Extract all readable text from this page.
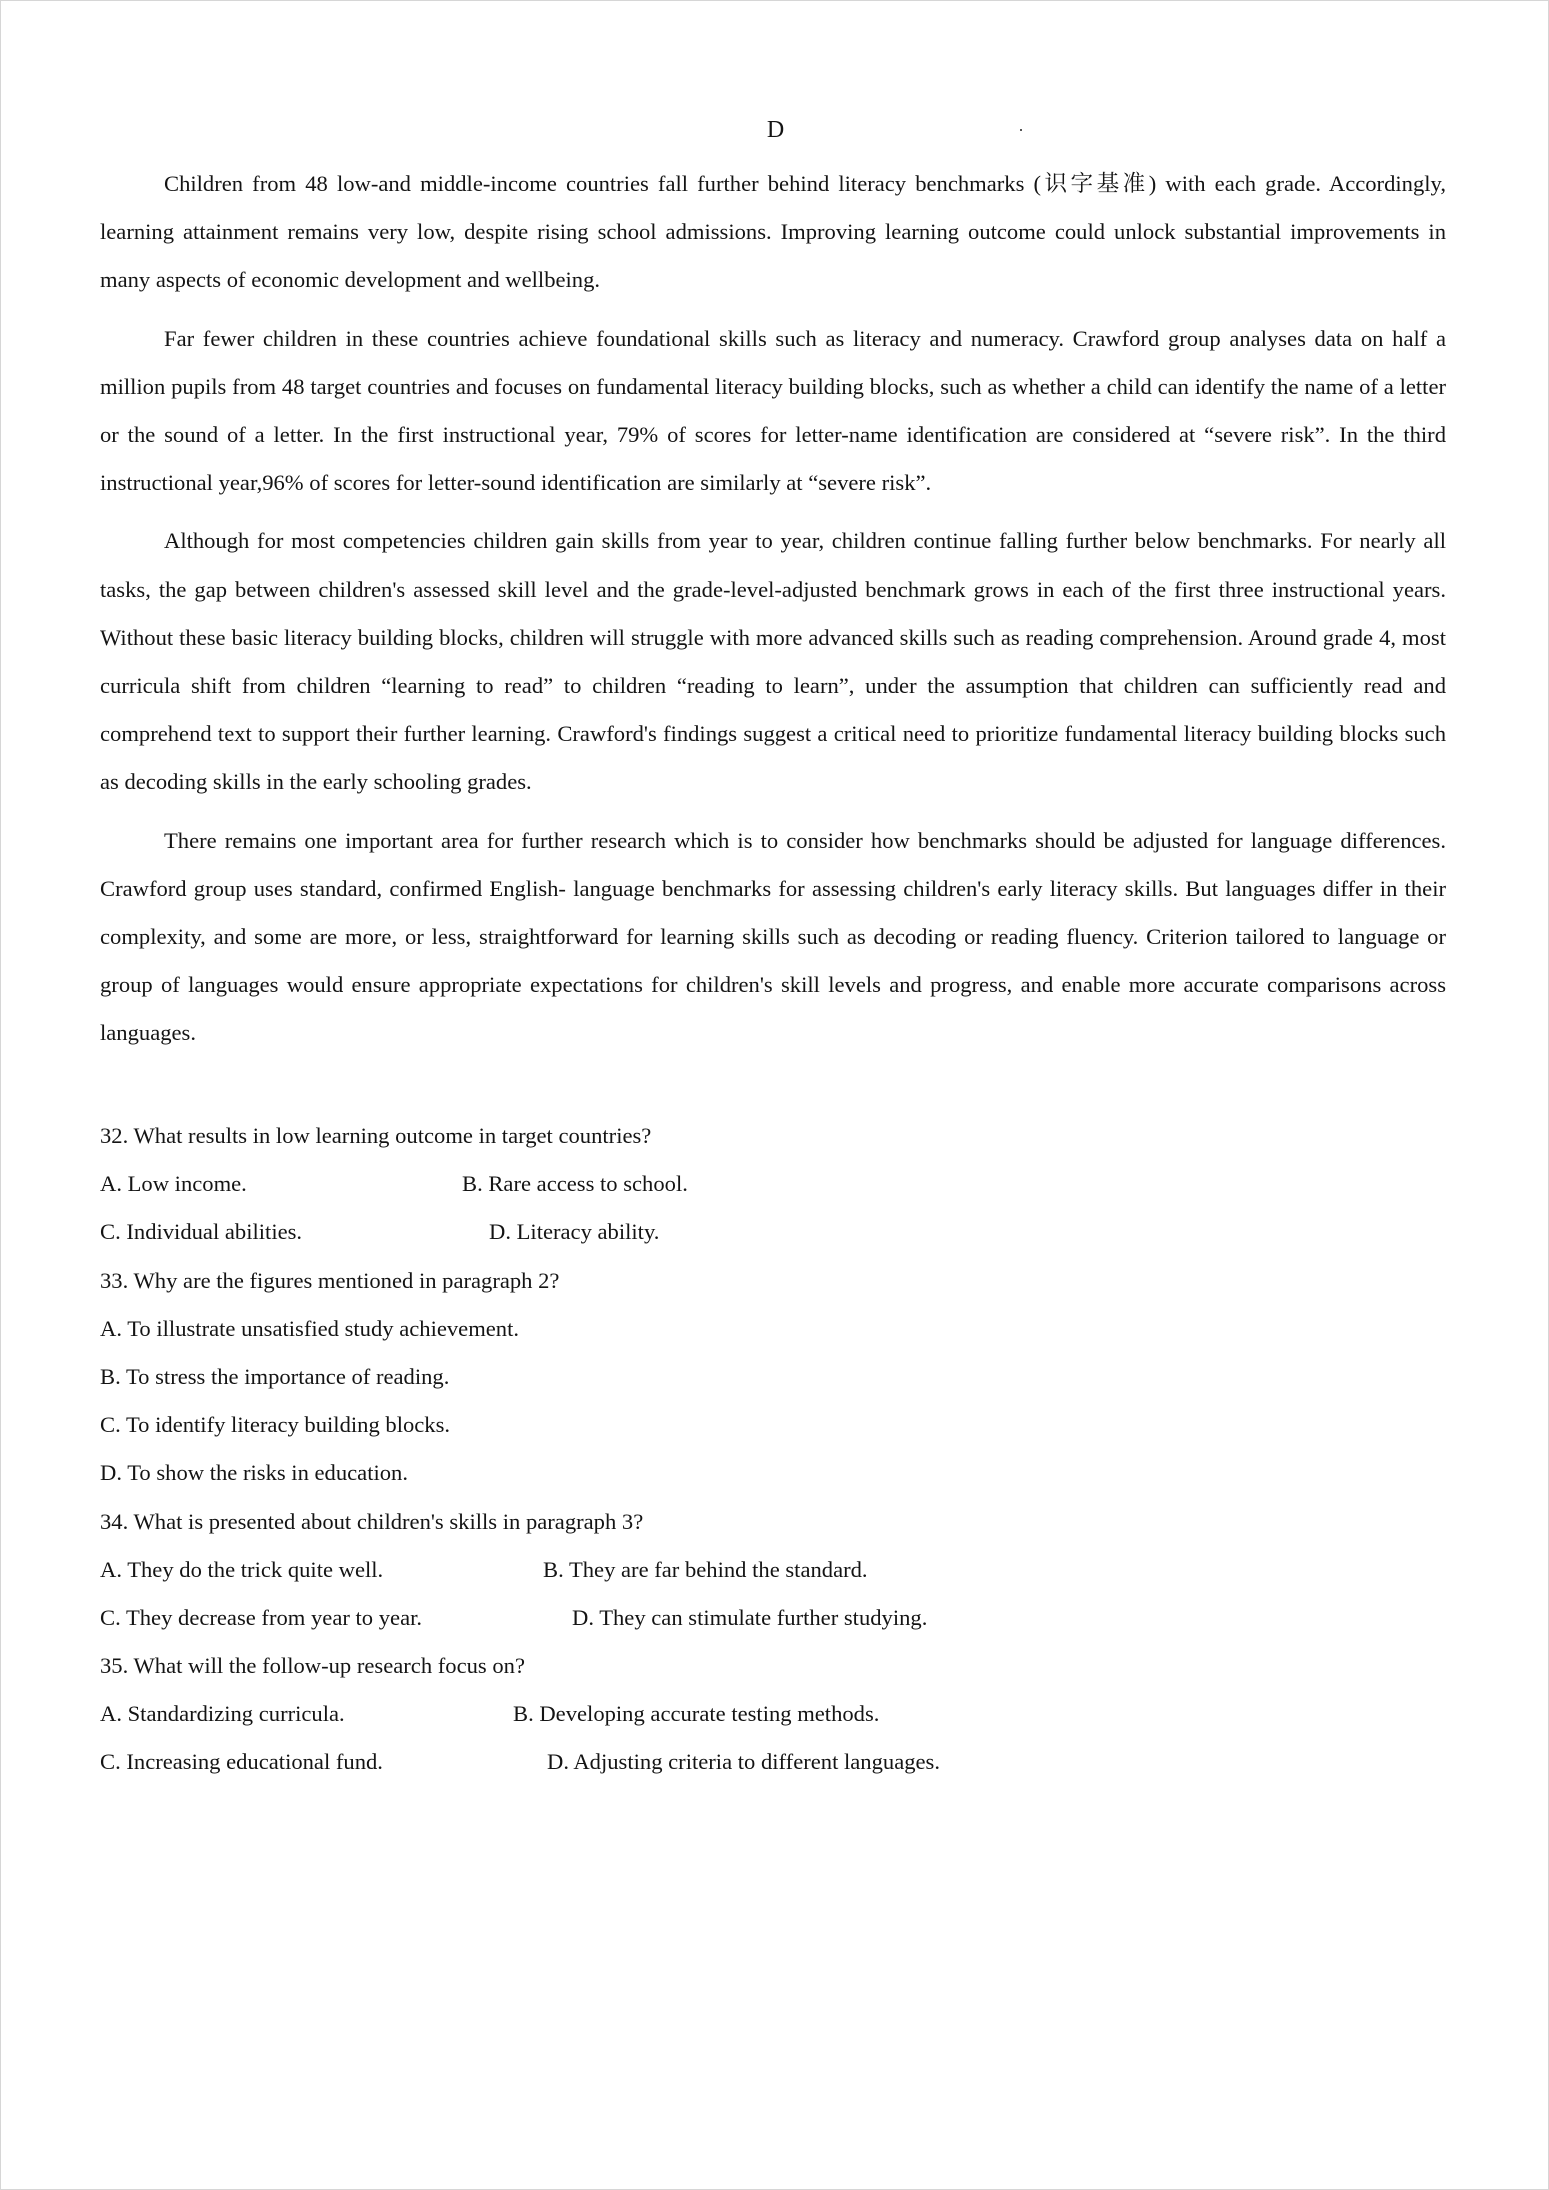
D

Children from 48 low-and middle-income countries fall further behind literacy benchmarks (识字基准) with each grade. Accordingly, learning attainment remains very low, despite rising school admissions. Improving learning outcome could unlock substantial improvements in many aspects of economic development and wellbeing.

Far fewer children in these countries achieve foundational skills such as literacy and numeracy. Crawford group analyses data on half a million pupils from 48 target countries and focuses on fundamental literacy building blocks, such as whether a child can identify the name of a letter or the sound of a letter. In the first instructional year, 79% of scores for letter-name identification are considered at “severe risk”. In the third instructional year,96% of scores for letter-sound identification are similarly at “severe risk”.

Although for most competencies children gain skills from year to year, children continue falling further below benchmarks. For nearly all tasks, the gap between children's assessed skill level and the grade-level-adjusted benchmark grows in each of the first three instructional years. Without these basic literacy building blocks, children will struggle with more advanced skills such as reading comprehension. Around grade 4, most curricula shift from children “learning to read” to children “reading to learn”, under the assumption that children can sufficiently read and comprehend text to support their further learning. Crawford's findings suggest a critical need to prioritize fundamental literacy building blocks such as decoding skills in the early schooling grades.

There remains one important area for further research which is to consider how benchmarks should be adjusted for language differences. Crawford group uses standard, confirmed English- language benchmarks for assessing children's early literacy skills. But languages differ in their complexity, and some are more, or less, straightforward for learning skills such as decoding or reading fluency. Criterion tailored to language or group of languages would ensure appropriate expectations for children's skill levels and progress, and enable more accurate comparisons across languages.

32. What results in low learning outcome in target countries?
A. Low income.	B. Rare access to school.
C. Individual abilities.	D. Literacy ability.
33. Why are the figures mentioned in paragraph 2?
A. To illustrate unsatisfied study achievement.
B. To stress the importance of reading.
C. To identify literacy building blocks.
D. To show the risks in education.
34. What is presented about children's skills in paragraph 3?
A. They do the trick quite well.	B. They are far behind the standard.
C. They decrease from year to year.	D. They can stimulate further studying.
35. What will the follow-up research focus on?
A. Standardizing curricula.	B. Developing accurate testing methods.
C. Increasing educational fund.	D. Adjusting criteria to different languages.
